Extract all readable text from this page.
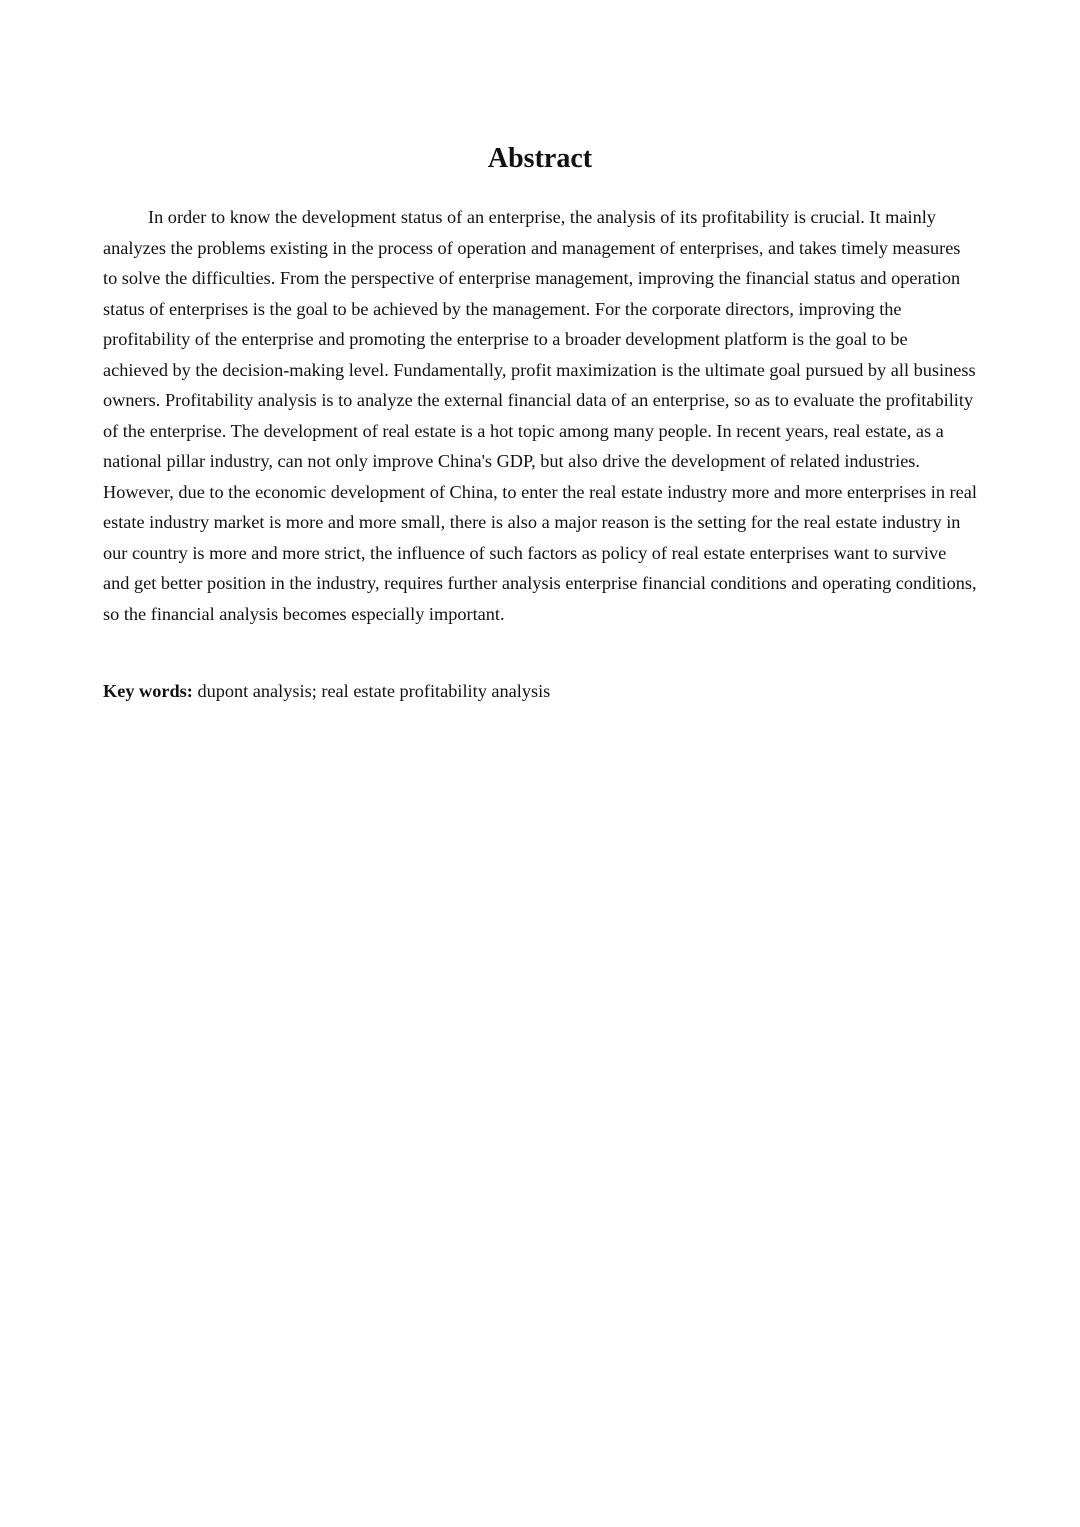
Abstract

In order to know the development status of an enterprise, the analysis of its profitability is crucial. It mainly analyzes the problems existing in the process of operation and management of enterprises, and takes timely measures to solve the difficulties. From the perspective of enterprise management, improving the financial status and operation status of enterprises is the goal to be achieved by the management. For the corporate directors, improving the profitability of the enterprise and promoting the enterprise to a broader development platform is the goal to be achieved by the decision-making level. Fundamentally, profit maximization is the ultimate goal pursued by all business owners. Profitability analysis is to analyze the external financial data of an enterprise, so as to evaluate the profitability of the enterprise. The development of real estate is a hot topic among many people. In recent years, real estate, as a national pillar industry, can not only improve China's GDP, but also drive the development of related industries. However, due to the economic development of China, to enter the real estate industry more and more enterprises in real estate industry market is more and more small, there is also a major reason is the setting for the real estate industry in our country is more and more strict, the influence of such factors as policy of real estate enterprises want to survive and get better position in the industry, requires further analysis enterprise financial conditions and operating conditions, so the financial analysis becomes especially important.

Key words: dupont analysis; real estate profitability analysis
